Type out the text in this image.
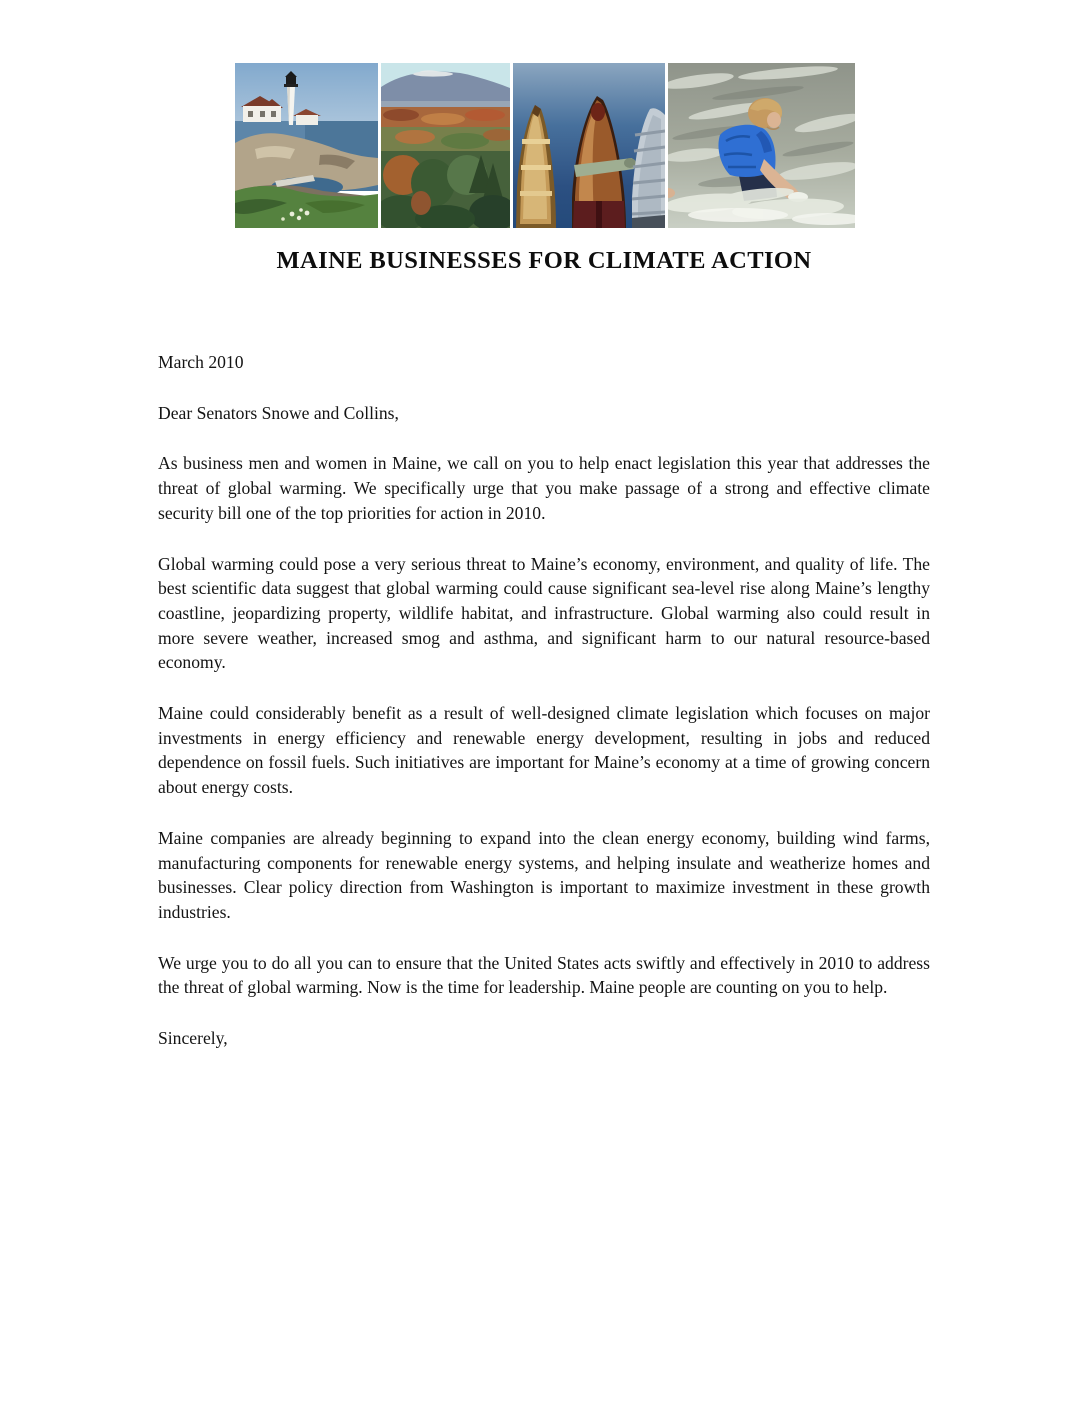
MAINE BUSINESSES FOR CLIMATE ACTION

March 2010

Dear Senators Snowe and Collins,

As business men and women in Maine, we call on you to help enact legislation this year that addresses the threat of global warming. We specifically urge that you make passage of a strong and effective climate security bill one of the top priorities for action in 2010.

Global warming could pose a very serious threat to Maine’s economy, environment, and quality of life. The best scientific data suggest that global warming could cause significant sea-level rise along Maine’s lengthy coastline, jeopardizing property, wildlife habitat, and infrastructure. Global warming also could result in more severe weather, increased smog and asthma, and significant harm to our natural resource-based economy.

Maine could considerably benefit as a result of well-designed climate legislation which focuses on major investments in energy efficiency and renewable energy development, resulting in jobs and reduced dependence on fossil fuels. Such initiatives are important for Maine’s economy at a time of growing concern about energy costs.

Maine companies are already beginning to expand into the clean energy economy, building wind farms, manufacturing components for renewable energy systems, and helping insulate and weatherize homes and businesses. Clear policy direction from Washington is important to maximize investment in these growth industries.

We urge you to do all you can to ensure that the United States acts swiftly and effectively in 2010 to address the threat of global warming. Now is the time for leadership. Maine people are counting on you to help.

Sincerely,
